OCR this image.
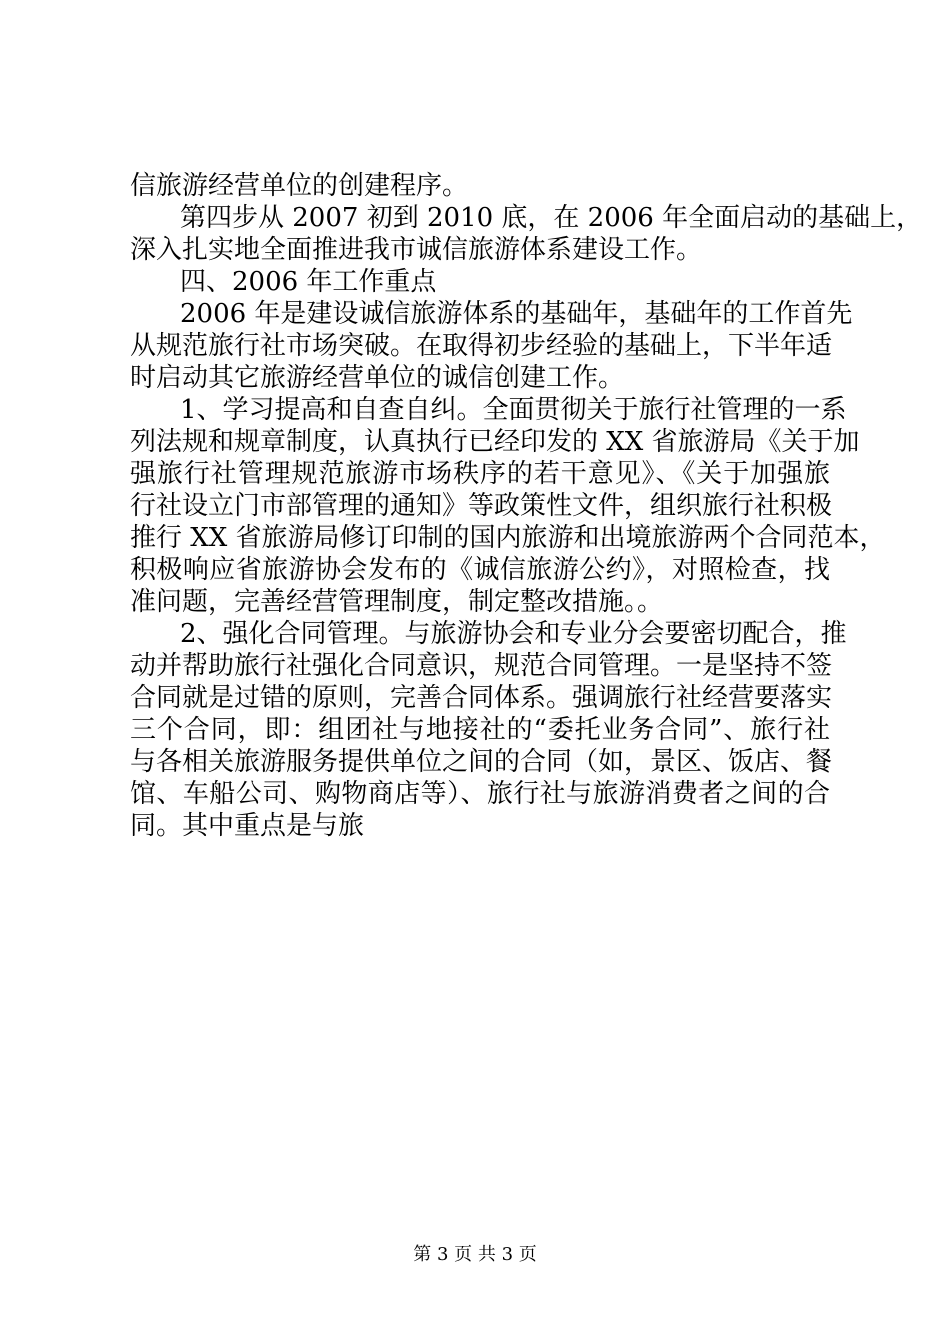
信旅游经营单位的创建程序。
第四步从 2007 初到 2010 底，在 2006 年全面启动的基础上，
深入扎实地全面推进我市诚信旅游体系建设工作。
四、2006 年工作重点
2006 年是建设诚信旅游体系的基础年，基础年的工作首先
从规范旅行社市场突破。在取得初步经验的基础上，下半年适
时启动其它旅游经营单位的诚信创建工作。
1、学习提高和自查自纠。全面贯彻关于旅行社管理的一系
列法规和规章制度，认真执行已经印发的 XX 省旅游局《关于加
强旅行社管理规范旅游市场秩序的若干意见》、《关于加强旅
行社设立门市部管理的通知》等政策性文件，组织旅行社积极
推行 XX 省旅游局修订印制的国内旅游和出境旅游两个合同范本，
积极响应省旅游协会发布的《诚信旅游公约》，对照检查，找
准问题，完善经营管理制度，制定整改措施。。
2、强化合同管理。与旅游协会和专业分会要密切配合，推
动并帮助旅行社强化合同意识，规范合同管理。一是坚持不签
合同就是过错的原则，完善合同体系。强调旅行社经营要落实
三个合同，即：组团社与地接社的“委托业务合同”、旅行社
与各相关旅游服务提供单位之间的合同（如，景区、饭店、餐
馆、车船公司、购物商店等）、旅行社与旅游消费者之间的合
同。其中重点是与旅
第 3 页 共 3 页
